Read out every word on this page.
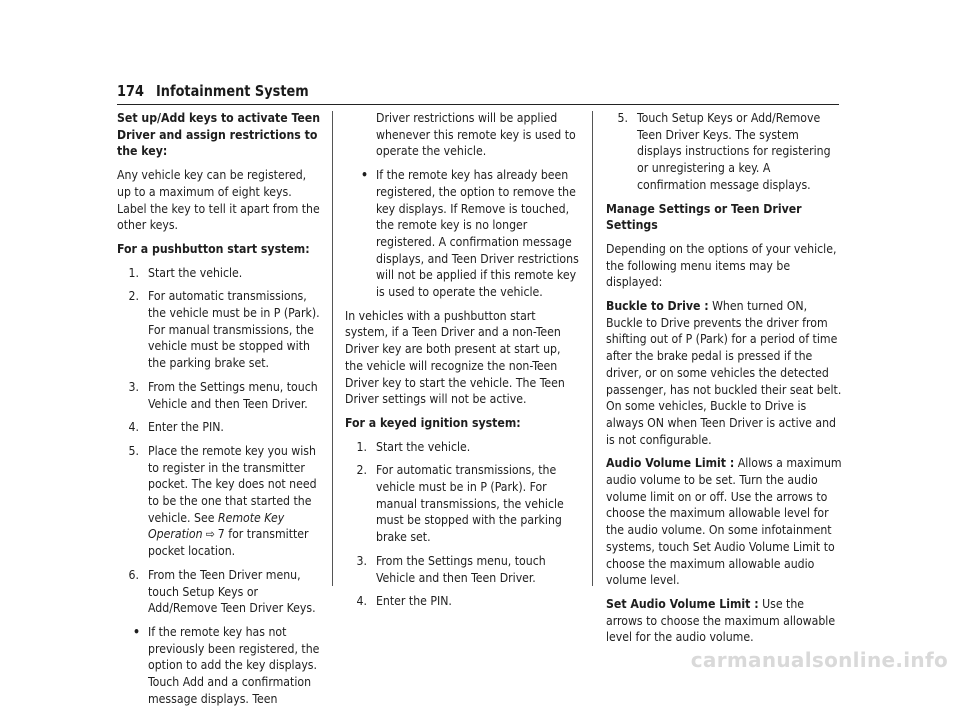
174 Infotainment System

Set up/Add keys to activate Teen Driver and assign restrictions to the key:

Any vehicle key can be registered, up to a maximum of eight keys. Label the key to tell it apart from the other keys.

For a pushbutton start system:

1. Start the vehicle.
2. For automatic transmissions, the vehicle must be in P (Park). For manual transmissions, the vehicle must be stopped with the parking brake set.
3. From the Settings menu, touch Vehicle and then Teen Driver.
4. Enter the PIN.
5. Place the remote key you wish to register in the transmitter pocket. The key does not need to be the one that started the vehicle. See Remote Key Operation ⇨ 7 for transmitter pocket location.
6. From the Teen Driver menu, touch Setup Keys or Add/Remove Teen Driver Keys.
• If the remote key has not previously been registered, the option to add the key displays. Touch Add and a confirmation message displays. Teen

Driver restrictions will be applied whenever this remote key is used to operate the vehicle.

• If the remote key has already been registered, the option to remove the key displays. If Remove is touched, the remote key is no longer registered. A confirmation message displays, and Teen Driver restrictions will not be applied if this remote key is used to operate the vehicle.

In vehicles with a pushbutton start system, if a Teen Driver and a non-Teen Driver key are both present at start up, the vehicle will recognize the non-Teen Driver key to start the vehicle. The Teen Driver settings will not be active.

For a keyed ignition system:

1. Start the vehicle.
2. For automatic transmissions, the vehicle must be in P (Park). For manual transmissions, the vehicle must be stopped with the parking brake set.
3. From the Settings menu, touch Vehicle and then Teen Driver.
4. Enter the PIN.
5. Touch Setup Keys or Add/Remove Teen Driver Keys. The system displays instructions for registering or unregistering a key. A confirmation message displays.

Manage Settings or Teen Driver Settings

Depending on the options of your vehicle, the following menu items may be displayed:

Buckle to Drive : When turned ON, Buckle to Drive prevents the driver from shifting out of P (Park) for a period of time after the brake pedal is pressed if the driver, or on some vehicles the detected passenger, has not buckled their seat belt. On some vehicles, Buckle to Drive is always ON when Teen Driver is active and is not configurable.

Audio Volume Limit : Allows a maximum audio volume to be set. Turn the audio volume limit on or off. Use the arrows to choose the maximum allowable level for the audio volume. On some infotainment systems, touch Set Audio Volume Limit to choose the maximum allowable audio volume level.

Set Audio Volume Limit : Use the arrows to choose the maximum allowable level for the audio volume.

carmanualsonline.info
